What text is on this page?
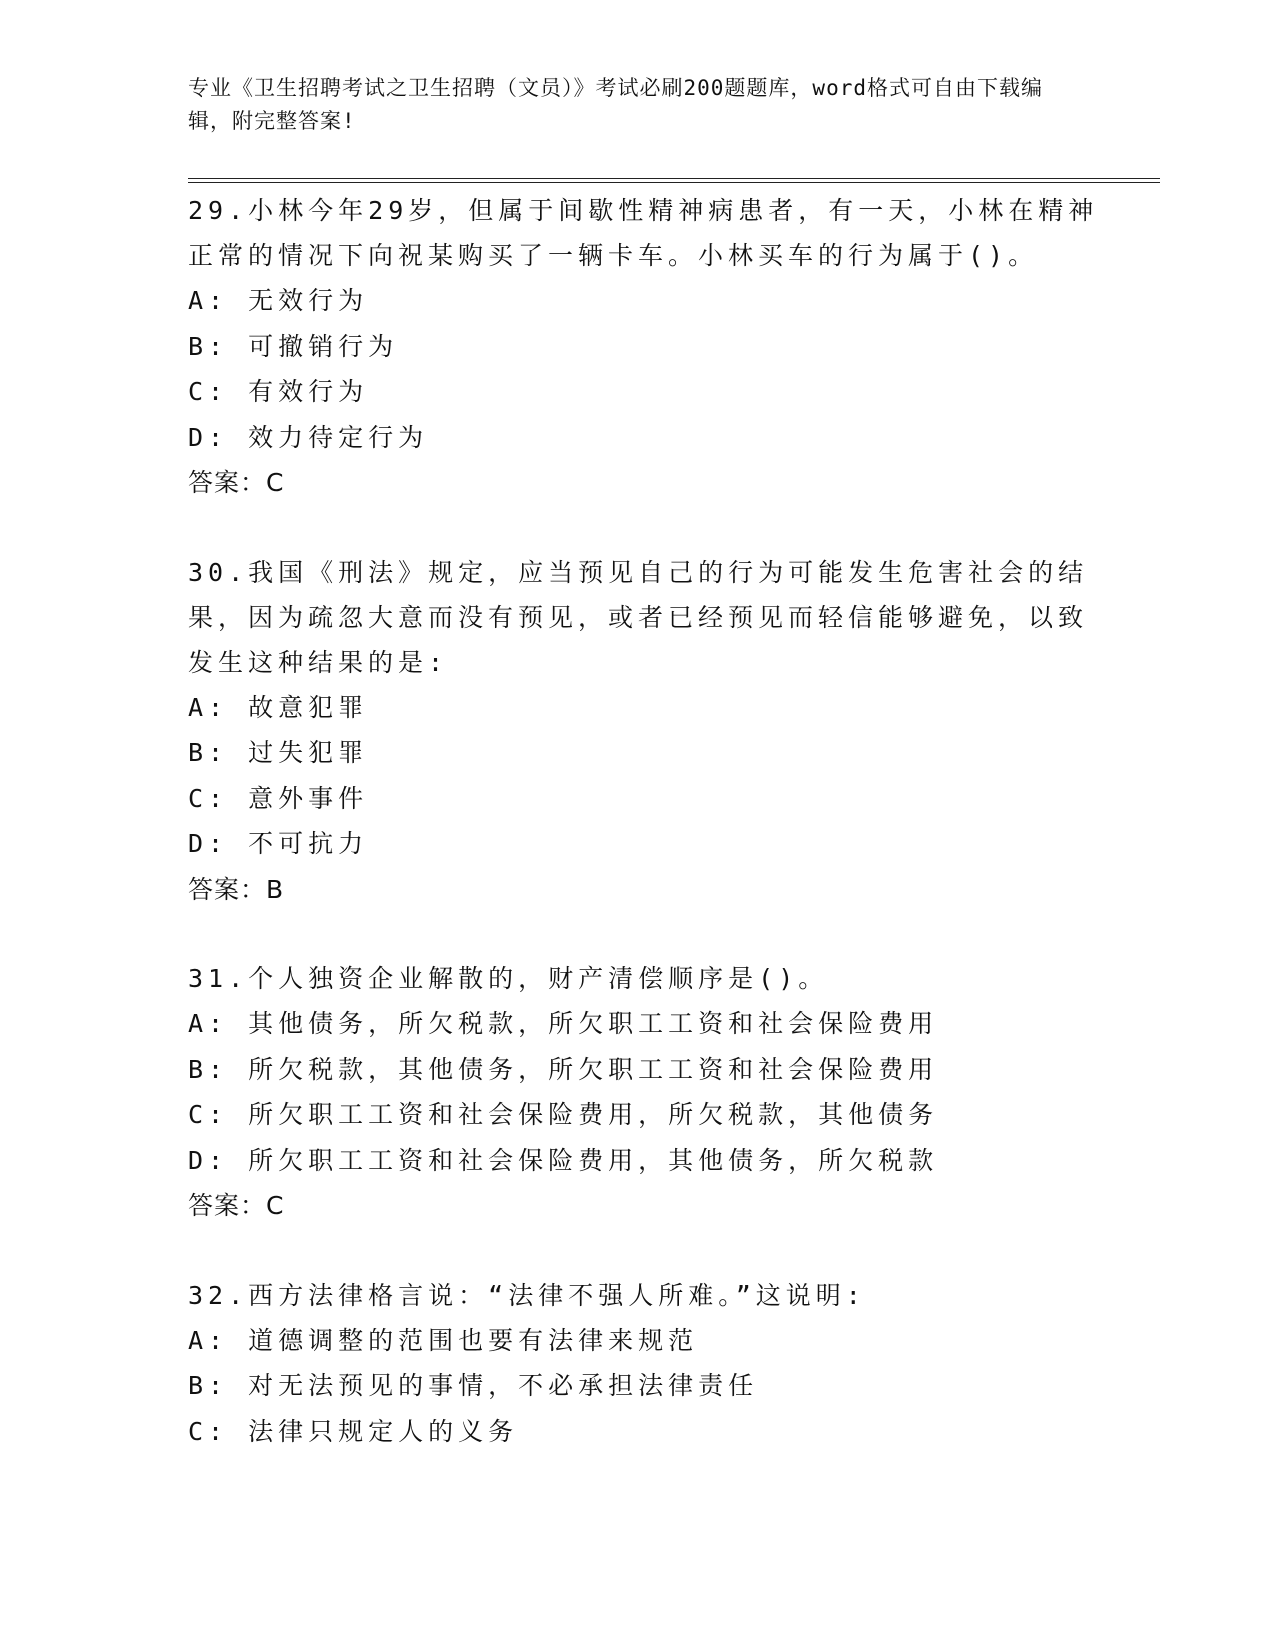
专业《卫生招聘考试之卫生招聘（文员）》考试必刷200题题库，word格式可自由下载编辑，附完整答案!
29.小林今年29岁，但属于间歇性精神病患者，有一天，小林在精神正常的情况下向祝某购买了一辆卡车。小林买车的行为属于()。
A: 无效行为
B: 可撤销行为
C: 有效行为
D: 效力待定行为
答案：C
30.我国《刑法》规定，应当预见自己的行为可能发生危害社会的结果，因为疏忽大意而没有预见，或者已经预见而轻信能够避免，以致发生这种结果的是:
A: 故意犯罪
B: 过失犯罪
C: 意外事件
D: 不可抗力
答案：B
31.个人独资企业解散的，财产清偿顺序是()。
A: 其他债务，所欠税款，所欠职工工资和社会保险费用
B: 所欠税款，其他债务，所欠职工工资和社会保险费用
C: 所欠职工工资和社会保险费用，所欠税款，其他债务
D: 所欠职工工资和社会保险费用，其他债务，所欠税款
答案：C
32.西方法律格言说：“法律不强人所难。”这说明:
A: 道德调整的范围也要有法律来规范
B: 对无法预见的事情，不必承担法律责任
C: 法律只规定人的义务
